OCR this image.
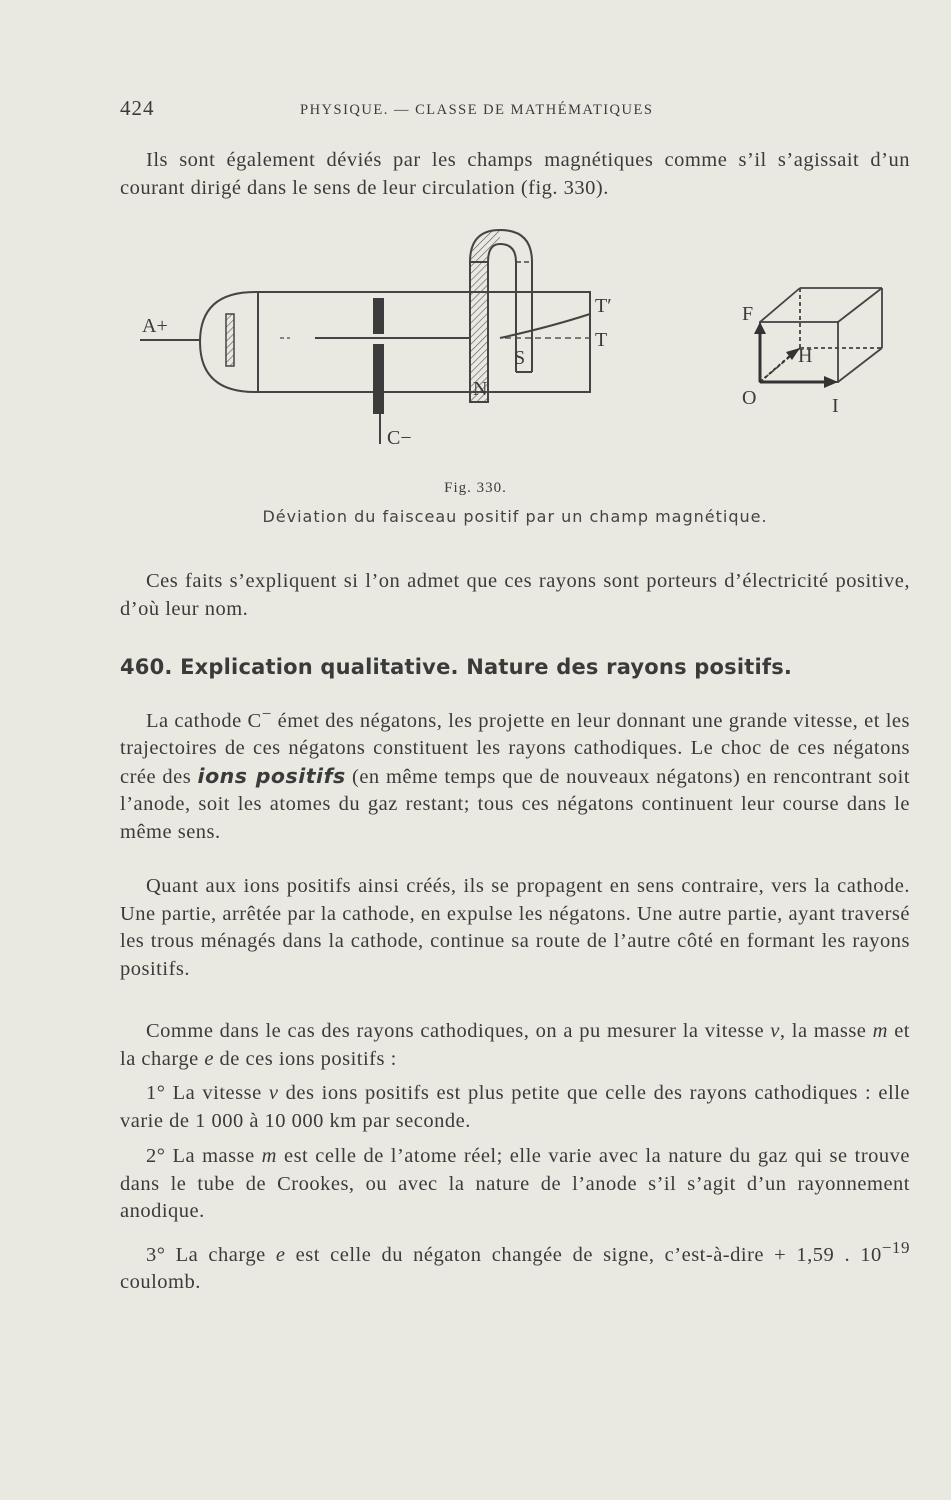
424	PHYSIQUE. — CLASSE DE MATHÉMATIQUES

Ils sont également déviés par les champs magnétiques comme s’il s’agissait d’un courant dirigé dans le sens de leur circulation (fig. 330).

A+
C−
N
S
T′
T
F
H
O	I
Fig. 330.
Déviation du faisceau positif par un champ magnétique.

Ces faits s’expliquent si l’on admet que ces rayons sont porteurs d’électricité positive, d’où leur nom.

460. Explication qualitative. Nature des rayons positifs.

La cathode C− émet des négatons, les projette en leur donnant une grande vitesse, et les trajectoires de ces négatons constituent les rayons cathodiques. Le choc de ces négatons crée des ions positifs (en même temps que de nouveaux négatons) en rencontrant soit l’anode, soit les atomes du gaz restant; tous ces négatons continuent leur course dans le même sens.

Quant aux ions positifs ainsi créés, ils se propagent en sens contraire, vers la cathode. Une partie, arrêtée par la cathode, en expulse les négatons. Une autre partie, ayant traversé les trous ménagés dans la cathode, continue sa route de l’autre côté en formant les rayons positifs.

Comme dans le cas des rayons cathodiques, on a pu mesurer la vitesse v, la masse m et la charge e de ces ions positifs :

1° La vitesse v des ions positifs est plus petite que celle des rayons cathodiques : elle varie de 1 000 à 10 000 km par seconde.

2° La masse m est celle de l’atome réel; elle varie avec la nature du gaz qui se trouve dans le tube de Crookes, ou avec la nature de l’anode s’il s’agit d’un rayonnement anodique.

3° La charge e est celle du négaton changée de signe, c’est-à-dire + 1,59 . $10^{-19}$ coulomb.
